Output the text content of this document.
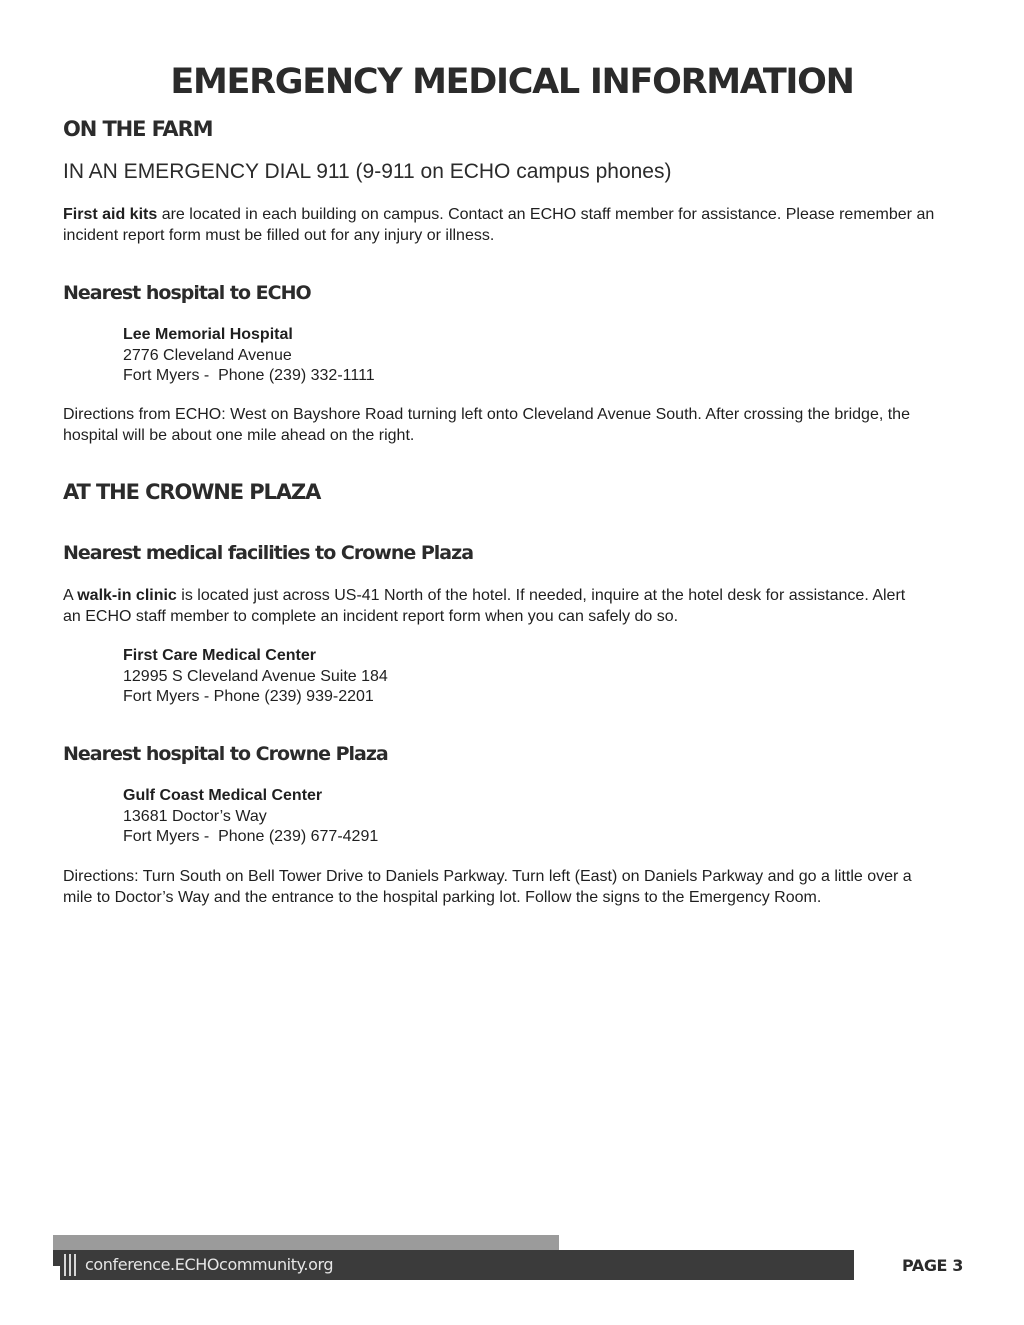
EMERGENCY MEDICAL INFORMATION
ON THE FARM

IN AN EMERGENCY DIAL 911 (9-911 on ECHO campus phones)

First aid kits are located in each building on campus. Contact an ECHO staff member for assistance. Please remember an incident report form must be filled out for any injury or illness.

Nearest hospital to ECHO
Lee Memorial Hospital
2776 Cleveland Avenue
Fort Myers -  Phone (239) 332-1111

Directions from ECHO: West on Bayshore Road turning left onto Cleveland Avenue South. After crossing the bridge, the hospital will be about one mile ahead on the right.

AT THE CROWNE PLAZA
Nearest medical facilities to Crowne Plaza

A walk-in clinic is located just across US-41 North of the hotel. If needed, inquire at the hotel desk for assistance. Alert an ECHO staff member to complete an incident report form when you can safely do so.

First Care Medical Center
12995 S Cleveland Avenue Suite 184
Fort Myers - Phone (239) 939-2201
Nearest hospital to Crowne Plaza
Gulf Coast Medical Center
13681 Doctor’s Way
Fort Myers -  Phone (239) 677-4291

Directions: Turn South on Bell Tower Drive to Daniels Parkway. Turn left (East) on Daniels Parkway and go a little over a mile to Doctor’s Way and the entrance to the hospital parking lot. Follow the signs to the Emergency Room.

conference.ECHOcommunity.org	PAGE 3
